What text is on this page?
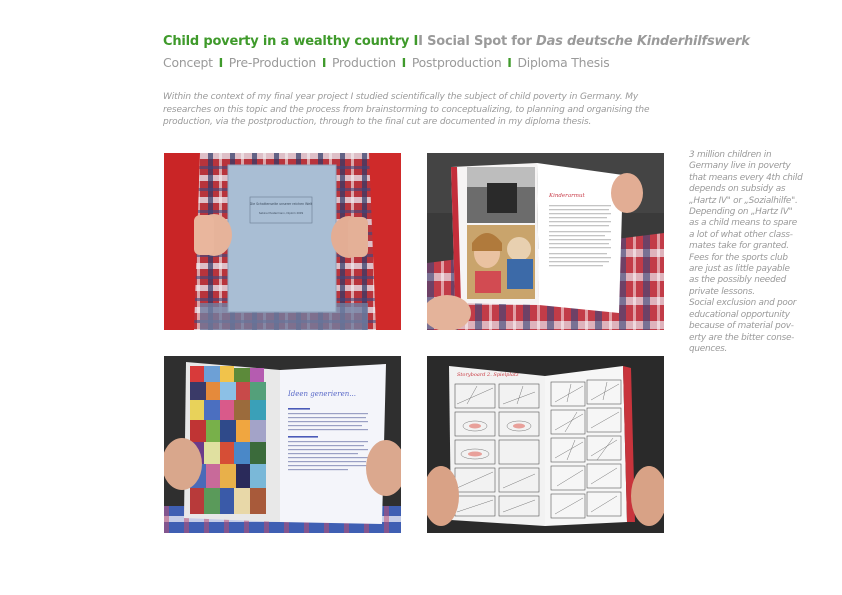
Child poverty in a wealthy country II Social Spot for Das deutsche Kinderhilfswerk
Concept I Pre-Production I Production I Postproduction I Diploma Thesis
Within the context of my final year project I studied scientifically the subject of child poverty in Germany. My researches on this topic and the process from brainstorming to conceptualizing, to planning and organising the production, via the postproduction, through to the final cut are documented in my diploma thesis.
Die Schattenseite unserer reichen Welt
Sabine Mustermann, Diplom 2009
Kinderarmut
Ideen generieren...
Storyboard 2. Spielplatz
3 million children in
Germany live in poverty
that means every 4th child
depends on subsidy as
„Hartz IV" or „Sozialhilfe".
Depending on „Hartz IV"
as a child means to spare
a lot of what other class-
mates take for granted.
Fees for the sports club
are just as little payable
as the possibly needed
private lessons.
Social exclusion and poor
educational opportunity
because of material pov-
erty are the bitter conse-
quences.
